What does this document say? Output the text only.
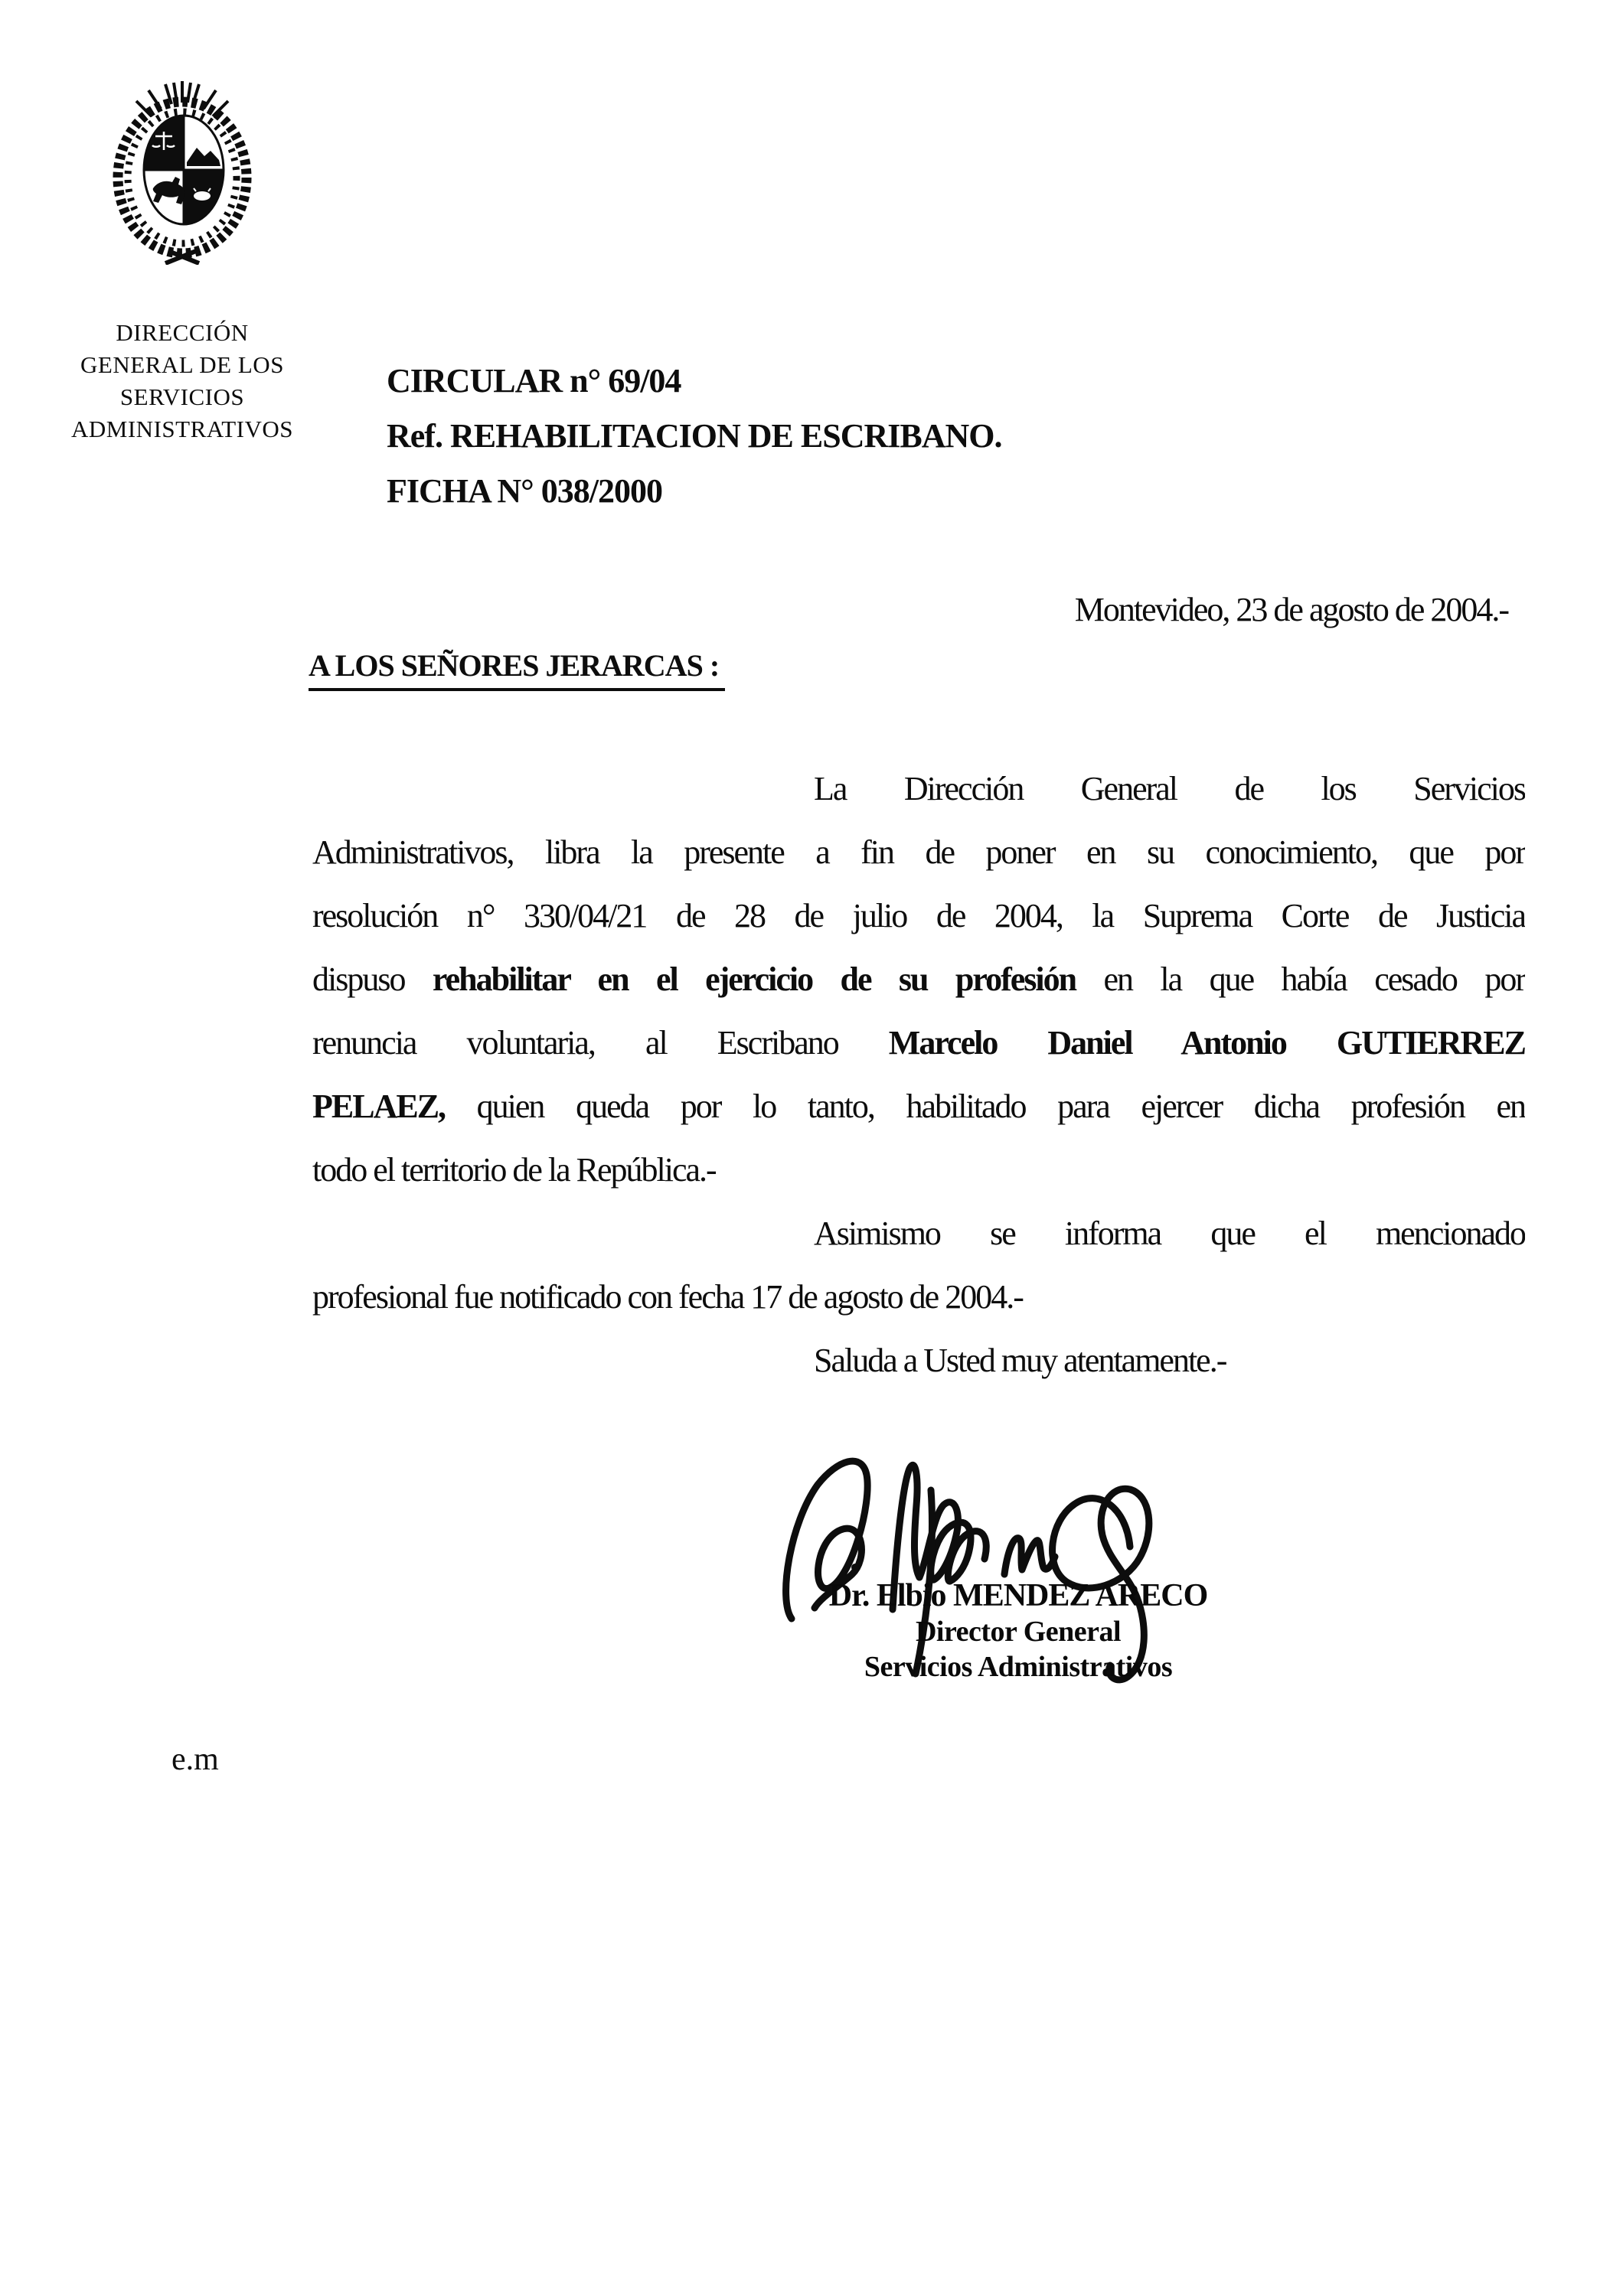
DIRECCIÓN
GENERAL DE LOS
SERVICIOS
ADMINISTRATIVOS
CIRCULAR n° 69/04
Ref. REHABILITACION DE ESCRIBANO.
FICHA N° 038/2000
Montevideo, 23 de agosto de 2004.-
A LOS SEÑORES JERARCAS :
La Dirección General de los Servicios
Administrativos, libra la presente a fin de poner en su conocimiento, que por
resolución n° 330/04/21 de 28 de julio de 2004, la Suprema Corte de Justicia
dispuso rehabilitar en el ejercicio de su profesión en la que había cesado por
renuncia voluntaria, al Escribano Marcelo Daniel Antonio GUTIERREZ
PELAEZ, quien queda por lo tanto, habilitado para ejercer dicha profesión en
todo el territorio de la República.-
Asimismo se informa que el mencionado
profesional fue notificado con fecha 17 de agosto de 2004.-
Saluda a Usted muy atentamente.-
Dr. Elbio MENDEZ ARECO
Director General
Servicios Administrativos
e.m
